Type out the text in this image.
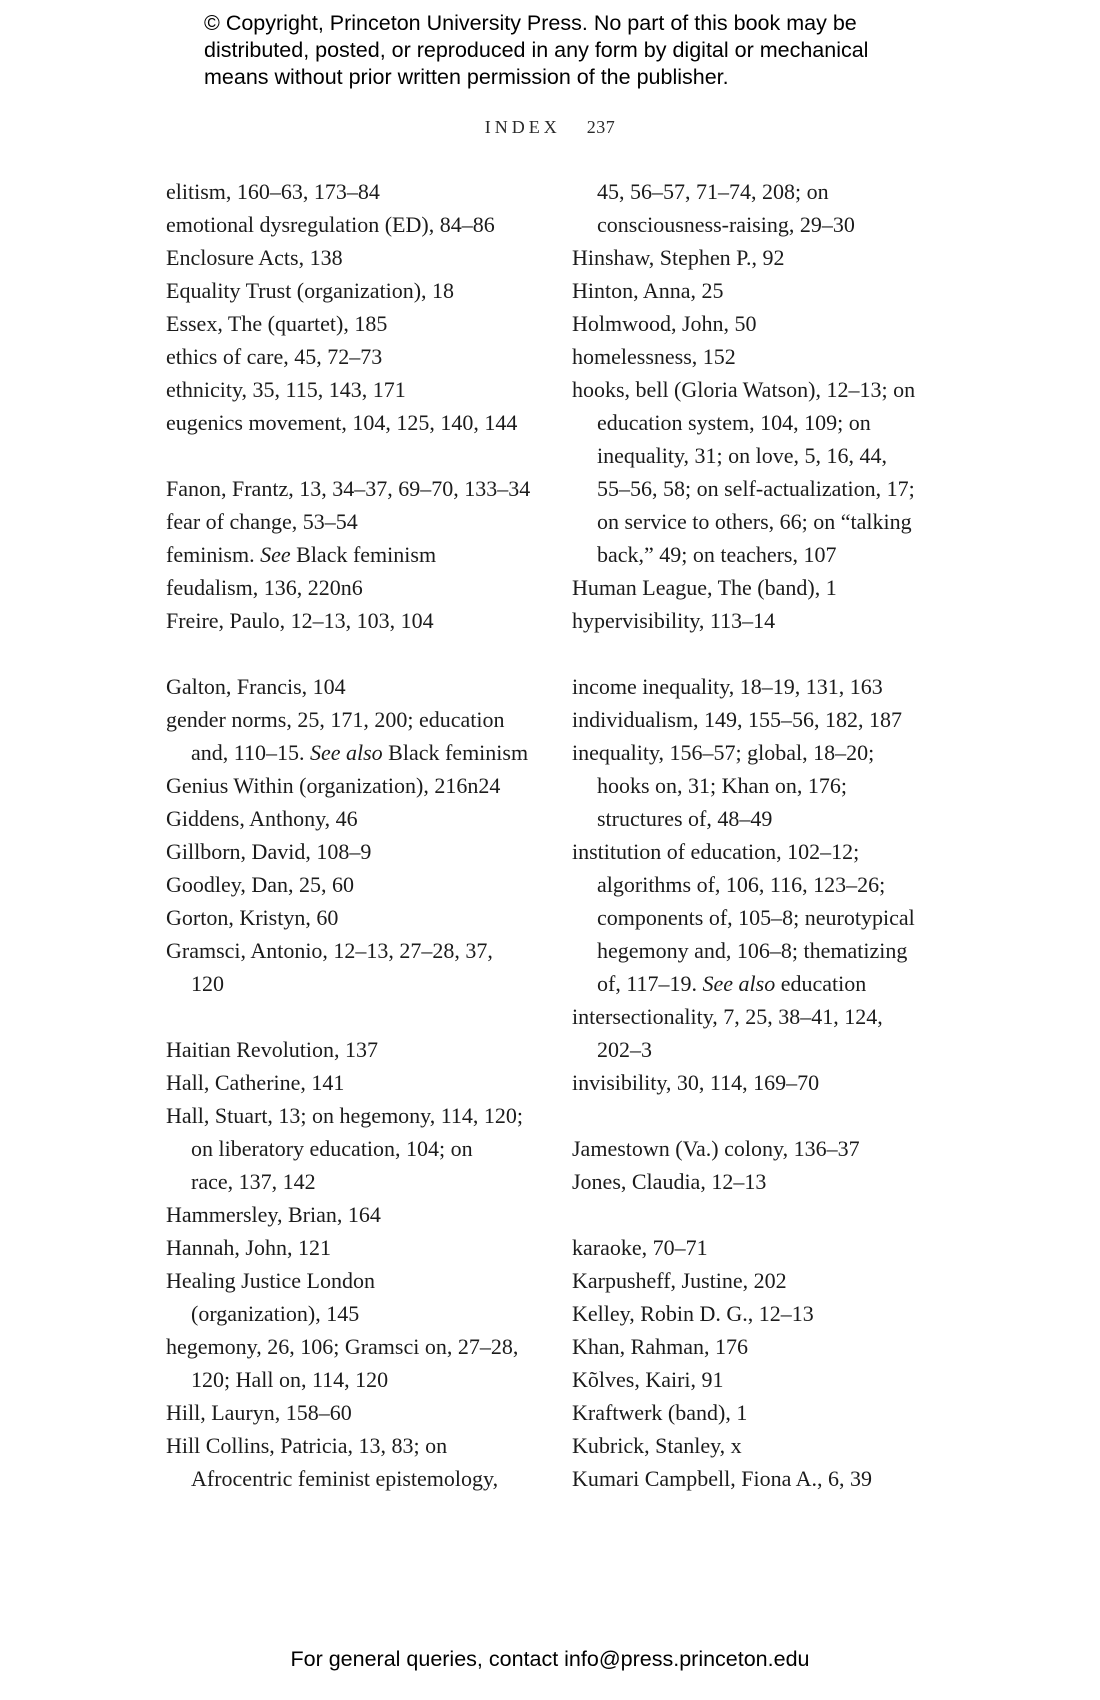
© Copyright, Princeton University Press. No part of this book may be

distributed, posted, or reproduced in any form by digital or mechanical

means without prior written permission of the publisher.

INDEX 237
elitism, 160–63, 173–84
emotional dysregulation (ED), 84–86
Enclosure Acts, 138
Equality Trust (organization), 18
Essex, The (quartet), 185
ethics of care, 45, 72–73
ethnicity, 35, 115, 143, 171
eugenics movement, 104, 125, 140, 144
Fanon, Frantz, 13, 34–37, 69–70, 133–34
fear of change, 53–54
feminism. See Black feminism
feudalism, 136, 220n6
Freire, Paulo, 12–13, 103, 104
Galton, Francis, 104
gender norms, 25, 171, 200; education
and, 110–15. See also Black feminism
Genius Within (organization), 216n24
Giddens, Anthony, 46
Gillborn, David, 108–9
Goodley, Dan, 25, 60
Gorton, Kristyn, 60
Gramsci, Antonio, 12–13, 27–28, 37,
120
Haitian Revolution, 137
Hall, Catherine, 141
Hall, Stuart, 13; on hegemony, 114, 120;
on liberatory education, 104; on
race, 137, 142
Hammersley, Brian, 164
Hannah, John, 121
Healing Justice London
(organization), 145
hegemony, 26, 106; Gramsci on, 27–28,
120; Hall on, 114, 120
Hill, Lauryn, 158–60
Hill Collins, Patricia, 13, 83; on
Afrocentric feminist epistemology,
45, 56–57, 71–74, 208; on
consciousness-raising, 29–30
Hinshaw, Stephen P., 92
Hinton, Anna, 25
Holmwood, John, 50
homelessness, 152
hooks, bell (Gloria Watson), 12–13; on
education system, 104, 109; on
inequality, 31; on love, 5, 16, 44,
55–56, 58; on self-actualization, 17;
on service to others, 66; on “talking
back,” 49; on teachers, 107
Human League, The (band), 1
hypervisibility, 113–14
income inequality, 18–19, 131, 163
individualism, 149, 155–56, 182, 187
inequality, 156–57; global, 18–20;
hooks on, 31; Khan on, 176;
structures of, 48–49
institution of education, 102–12;
algorithms of, 106, 116, 123–26;
components of, 105–8; neurotypical
hegemony and, 106–8; thematizing
of, 117–19. See also education
intersectionality, 7, 25, 38–41, 124,
202–3
invisibility, 30, 114, 169–70
Jamestown (Va.) colony, 136–37
Jones, Claudia, 12–13
karaoke, 70–71
Karpusheff, Justine, 202
Kelley, Robin D. G., 12–13
Khan, Rahman, 176
Kõlves, Kairi, 91
Kraftwerk (band), 1
Kubrick, Stanley, x
Kumari Campbell, Fiona A., 6, 39
For general queries, contact info@press.princeton.edu
